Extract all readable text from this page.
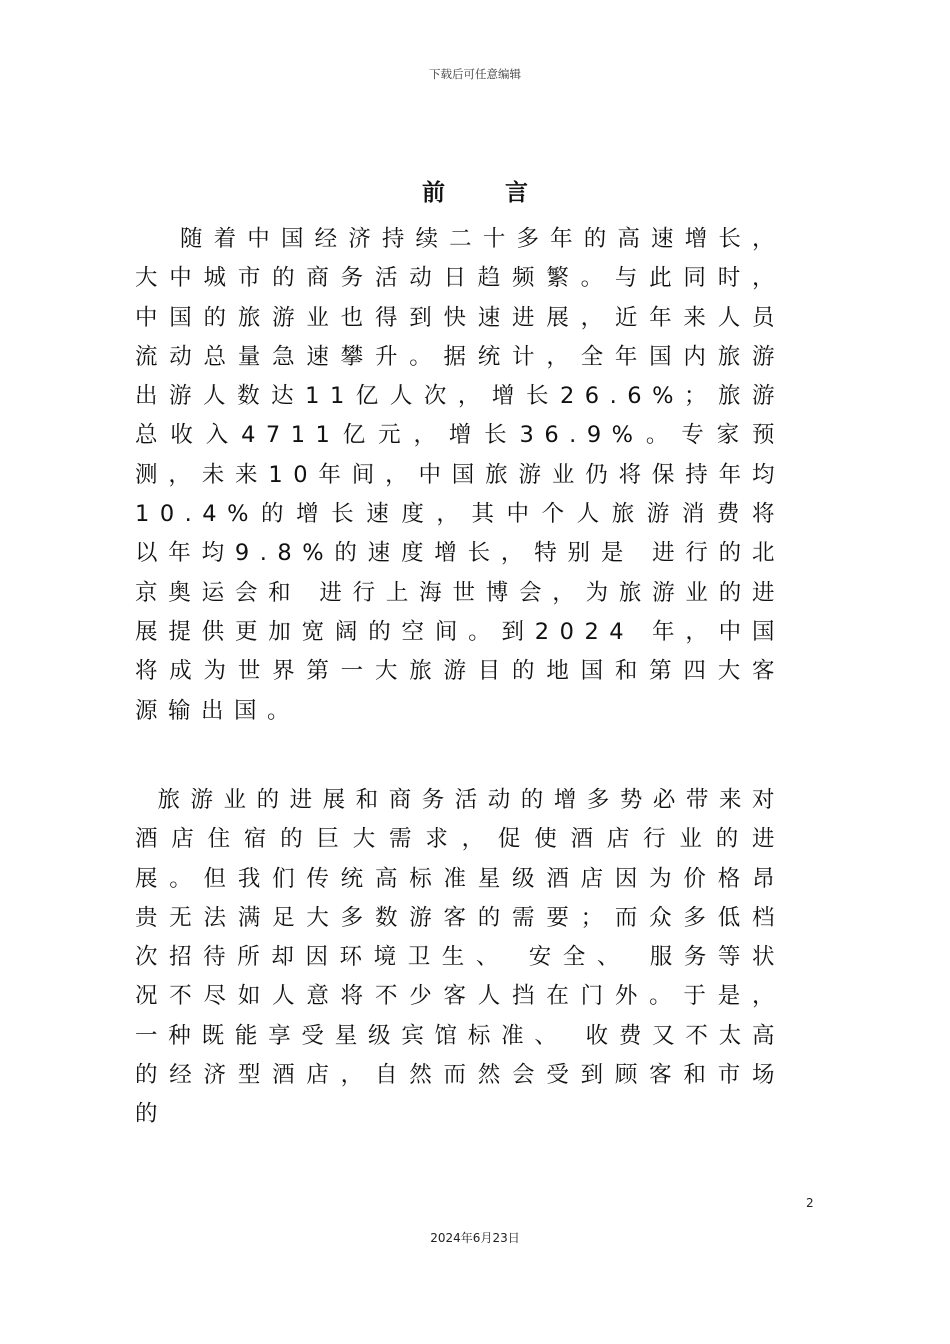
下载后可任意编辑
前 言

随着中国经济持续二十多年的高速增长，大中城市的商务活动日趋频繁。与此同时，中国的旅游业也得到快速进展，近年来人员流动总量急速攀升。据统计，全年国内旅游出游人数达11亿人次，增长26.6%；旅游总收入4711亿元，增长36.9%。专家预测，未来10年间，中国旅游业仍将保持年均10.4%的增长速度，其中个人旅游消费将以年均9.8%的速度增长，特别是 进行的北京奥运会和 进行上海世博会，为旅游业的进展提供更加宽阔的空间。到2024 年，中国将成为世界第一大旅游目的地国和第四大客源输出国。

旅游业的进展和商务活动的增多势必带来对酒店住宿的巨大需求，促使酒店行业的进展。但我们传统高标准星级酒店因为价格昂贵无法满足大多数游客的需要；而众多低档次招待所却因环境卫生、 安全、 服务等状况不尽如人意将不少客人挡在门外。于是，一种既能享受星级宾馆标准、 收费又不太高的经济型酒店，自然而然会受到顾客和市场的

2
2024年6月23日
